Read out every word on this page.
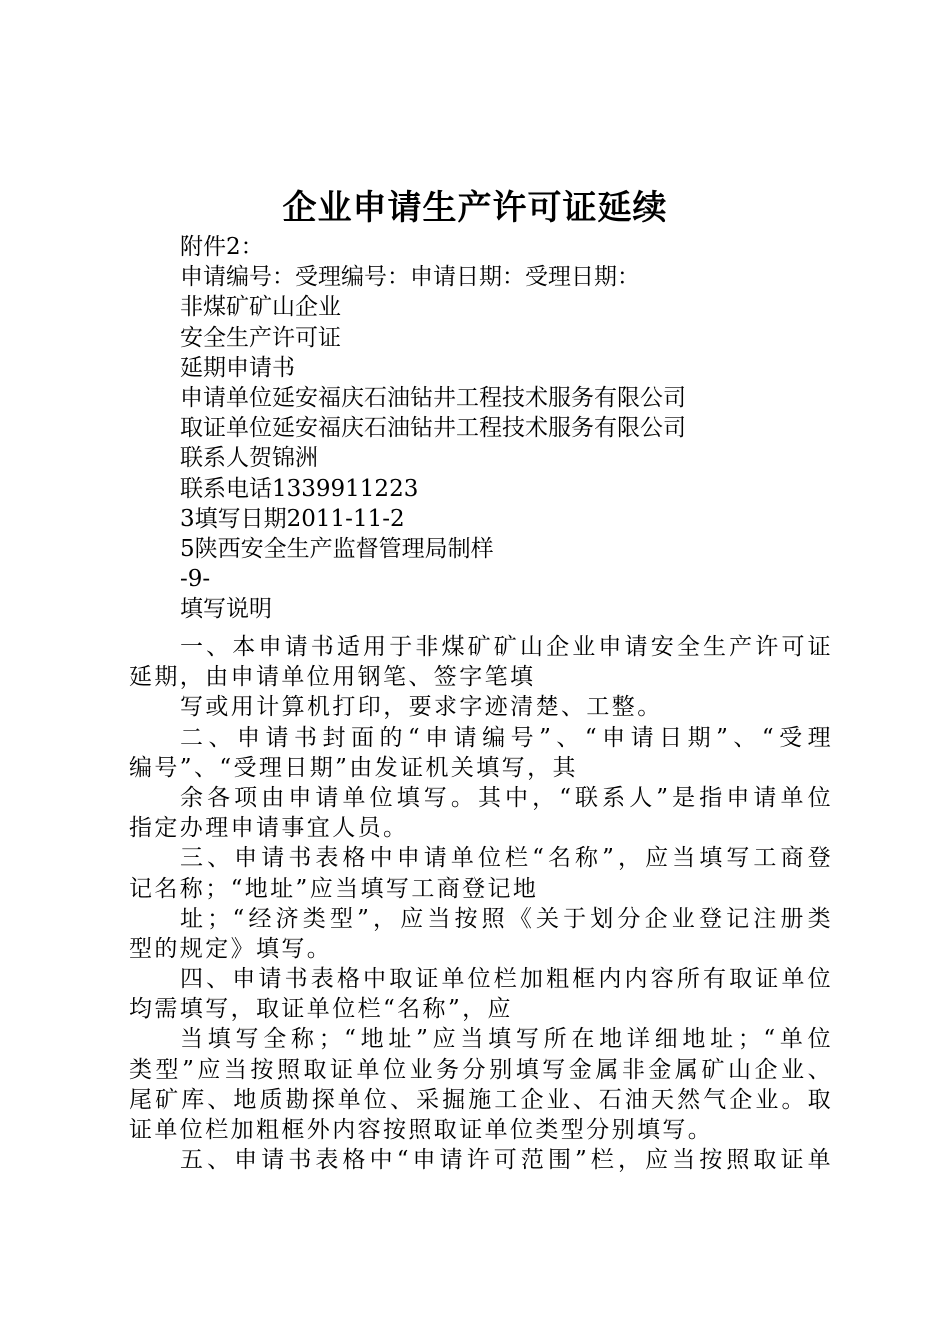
企业申请生产许可证延续
附件2：
申请编号：受理编号：申请日期：受理日期：
非煤矿矿山企业
安全生产许可证
延期申请书
申请单位延安福庆石油钻井工程技术服务有限公司
取证单位延安福庆石油钻井工程技术服务有限公司
联系人贺锦洲
联系电话1339911223
3填写日期2011-11-2
5陕西安全生产监督管理局制样
-9-
填写说明
一、本申请书适用于非煤矿矿山企业申请安全生产许可证
延期，由申请单位用钢笔、签字笔填
写或用计算机打印，要求字迹清楚、工整。
二、申请书封面的“申请编号”、“申请日期”、“受理
编号”、“受理日期”由发证机关填写，其
余各项由申请单位填写。其中，“联系人”是指申请单位
指定办理申请事宜人员。
三、申请书表格中申请单位栏“名称”，应当填写工商登
记名称；“地址”应当填写工商登记地
址；“经济类型”，应当按照《关于划分企业登记注册类
型的规定》填写。
四、申请书表格中取证单位栏加粗框内内容所有取证单位
均需填写，取证单位栏“名称”，应
当填写全称；“地址”应当填写所在地详细地址；“单位
类型”应当按照取证单位业务分别填写金属非金属矿山企业、
尾矿库、地质勘探单位、采掘施工企业、石油天然气企业。取
证单位栏加粗框外内容按照取证单位类型分别填写。
五、申请书表格中“申请许可范围”栏，应当按照取证单
